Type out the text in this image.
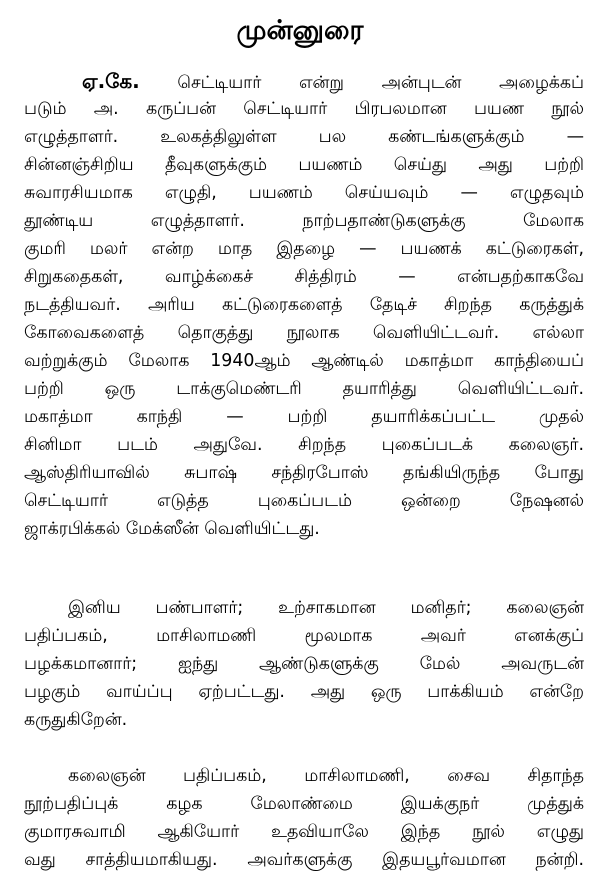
முன்னுரை
ஏ.கே. செட்டியார் என்று அன்புடன் அழைக்கப்
படும் அ. கருப்பன் செட்டியார் பிரபலமான பயண நூல்
எழுத்தாளர். உலகத்திலுள்ள பல கண்டங்களுக்கும் —
சின்னஞ்சிறிய தீவுகளுக்கும் பயணம் செய்து அது பற்றி
சுவாரசியமாக எழுதி, பயணம் செய்யவும் — எழுதவும்
தூண்டிய எழுத்தாளர். நாற்பதாண்டுகளுக்கு மேலாக
குமரி மலர் என்ற மாத இதழை — பயணக் கட்டுரைகள்,
சிறுகதைகள், வாழ்க்கைச் சித்திரம் — என்பதற்காகவே
நடத்தியவர். அரிய கட்டுரைகளைத் தேடிச் சிறந்த கருத்துக்
கோவைகளைத் தொகுத்து நூலாக வெளியிட்டவர். எல்லா
வற்றுக்கும் மேலாக 1940ஆம் ஆண்டில் மகாத்மா காந்தியைப்
பற்றி ஒரு டாக்குமெண்டரி தயாரித்து வெளியிட்டவர்.
மகாத்மா காந்தி — பற்றி தயாரிக்கப்பட்ட முதல்
சினிமா படம் அதுவே. சிறந்த புகைப்படக் கலைஞர்.
ஆஸ்திரியாவில் சுபாஷ் சந்திரபோஸ் தங்கியிருந்த போது
செட்டியார் எடுத்த புகைப்படம் ஒன்றை நேஷனல்
ஜாக்ரபிக்கல் மேக்ஸீன் வெளியிட்டது.
இனிய பண்பாளர்; உற்சாகமான மனிதர்; கலைஞன்
பதிப்பகம், மாசிலாமணி மூலமாக அவர் எனக்குப்
பழக்கமானார்; ஐந்து ஆண்டுகளுக்கு மேல் அவருடன்
பழகும் வாய்ப்பு ஏற்பட்டது. அது ஒரு பாக்கியம் என்றே
கருதுகிறேன்.
கலைஞன் பதிப்பகம், மாசிலாமணி, சைவ சிதாந்த
நூற்பதிப்புக் கழக மேலாண்மை இயக்குநர் முத்துக்
குமாரசுவாமி ஆகியோர் உதவியாலே இந்த நூல் எழுது
வது சாத்தியமாகியது. அவர்களுக்கு இதயபூர்வமான நன்றி.
